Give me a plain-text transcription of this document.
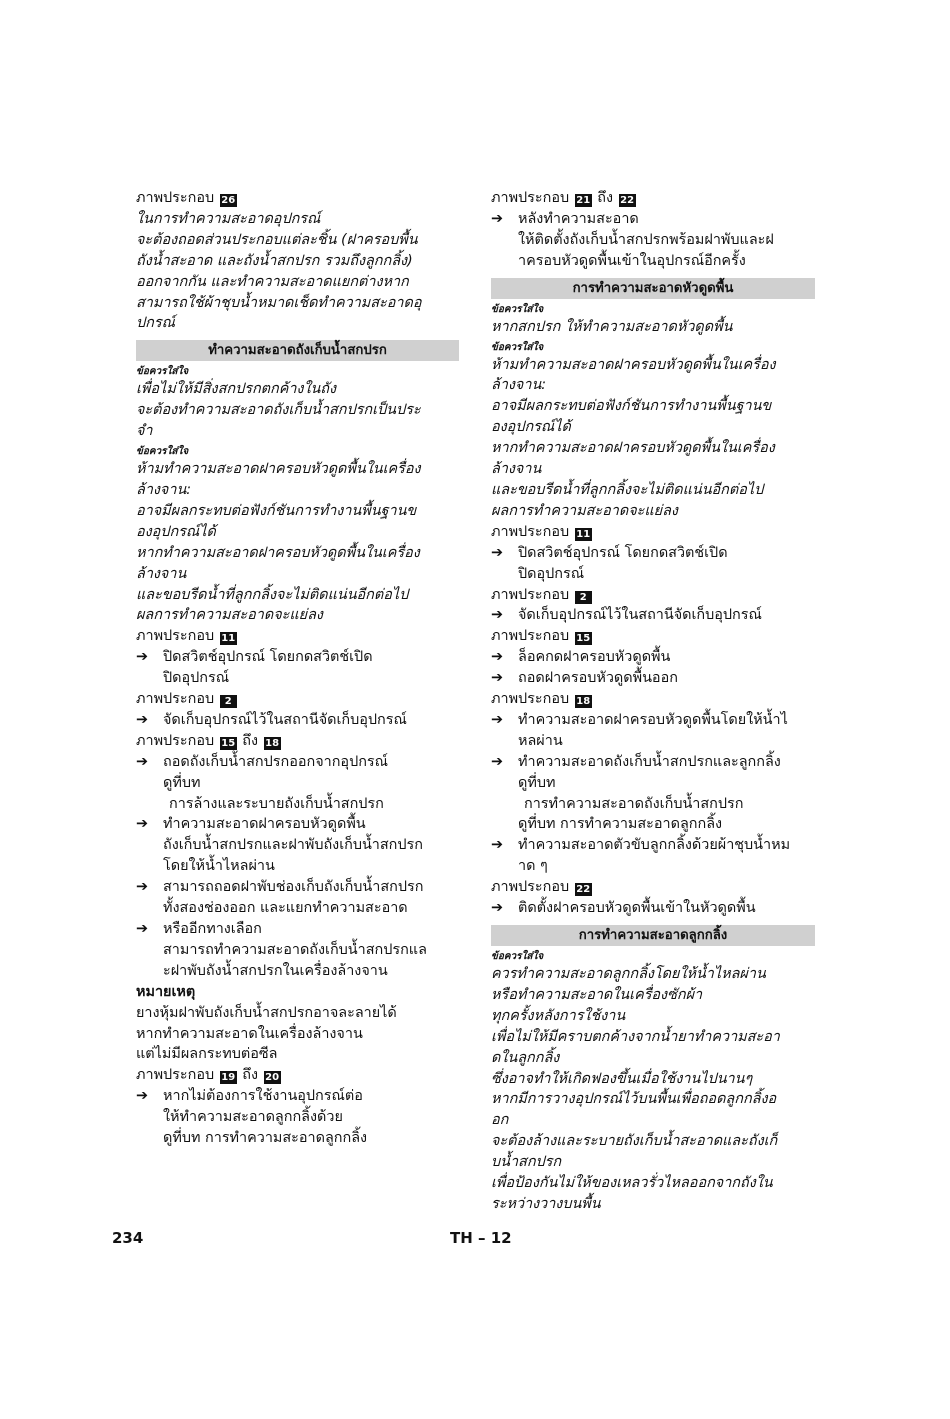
ภาพประกอบ 26
ในการทำความสะอาดอุปกรณ์
จะต้องถอดส่วนประกอบแต่ละชิ้น (ฝาครอบพื้น
ถังน้ำสะอาด และถังน้ำสกปรก รวมถึงลูกกลิ้ง)
ออกจากกัน และทำความสะอาดแยกต่างหาก
สามารถใช้ผ้าชุบน้ำหมาดเช็ดทำความสะอาดอุ
ปกรณ์
ทำความสะอาดถังเก็บน้ำสกปรก
ข้อควรใส่ใจ
เพื่อไม่ให้มีสิ่งสกปรกตกค้างในถัง
จะต้องทำความสะอาดถังเก็บน้ำสกปรกเป็นประ
จำ
ข้อควรใส่ใจ
ห้ามทำความสะอาดฝาครอบหัวดูดพื้นในเครื่อง
ล้างจาน:
อาจมีผลกระทบต่อฟังก์ชันการทำงานพื้นฐานข
องอุปกรณ์ได้
หากทำความสะอาดฝาครอบหัวดูดพื้นในเครื่อง
ล้างจาน
และขอบรีดน้ำที่ลูกกลิ้งจะไม่ติดแน่นอีกต่อไป
ผลการทำความสะอาดจะแย่ลง
ภาพประกอบ 11
➔ ปิดสวิตช์อุปกรณ์ โดยกดสวิตช์เปิด
ปิดอุปกรณ์
ภาพประกอบ 2
➔ จัดเก็บอุปกรณ์ไว้ในสถานีจัดเก็บอุปกรณ์
ภาพประกอบ 15 ถึง 18
➔ ถอดถังเก็บน้ำสกปรกออกจากอุปกรณ์
ดูที่บท
การล้างและระบายถังเก็บน้ำสกปรก
➔ ทำความสะอาดฝาครอบหัวดูดพื้น
ถังเก็บน้ำสกปรกและฝาพับถังเก็บน้ำสกปรก
โดยให้น้ำไหลผ่าน
➔ สามารถถอดฝาพับช่องเก็บถังเก็บน้ำสกปรก
ทั้งสองช่องออก และแยกทำความสะอาด
➔ หรืออีกทางเลือก
สามารถทำความสะอาดถังเก็บน้ำสกปรกแล
ะฝาพับถังน้ำสกปรกในเครื่องล้างจาน
หมายเหตุ
ยางหุ้มฝาพับถังเก็บน้ำสกปรกอาจละลายได้
หากทำความสะอาดในเครื่องล้างจาน
แต่ไม่มีผลกระทบต่อซีล
ภาพประกอบ 19 ถึง 20
➔ หากไม่ต้องการใช้งานอุปกรณ์ต่อ
ให้ทำความสะอาดลูกกลิ้งด้วย
ดูที่บท การทำความสะอาดลูกกลิ้ง
ภาพประกอบ 21 ถึง 22
➔ หลังทำความสะอาด
ให้ติดตั้งถังเก็บน้ำสกปรกพร้อมฝาพับและฝ
าครอบหัวดูดพื้นเข้าในอุปกรณ์อีกครั้ง
การทำความสะอาดหัวดูดพื้น
ข้อควรใส่ใจ
หากสกปรก ให้ทำความสะอาดหัวดูดพื้น
ข้อควรใส่ใจ
ห้ามทำความสะอาดฝาครอบหัวดูดพื้นในเครื่อง
ล้างจาน:
อาจมีผลกระทบต่อฟังก์ชันการทำงานพื้นฐานข
องอุปกรณ์ได้
หากทำความสะอาดฝาครอบหัวดูดพื้นในเครื่อง
ล้างจาน
และขอบรีดน้ำที่ลูกกลิ้งจะไม่ติดแน่นอีกต่อไป
ผลการทำความสะอาดจะแย่ลง
ภาพประกอบ 11
➔ ปิดสวิตช์อุปกรณ์ โดยกดสวิตช์เปิด
ปิดอุปกรณ์
ภาพประกอบ 2
➔ จัดเก็บอุปกรณ์ไว้ในสถานีจัดเก็บอุปกรณ์
ภาพประกอบ 15
➔ ล็อคกดฝาครอบหัวดูดพื้น
➔ ถอดฝาครอบหัวดูดพื้นออก
ภาพประกอบ 18
➔ ทำความสะอาดฝาครอบหัวดูดพื้นโดยให้น้ำไ
หลผ่าน
➔ ทำความสะอาดถังเก็บน้ำสกปรกและลูกกลิ้ง
ดูที่บท
การทำความสะอาดถังเก็บน้ำสกปรก
ดูที่บท การทำความสะอาดลูกกลิ้ง
➔ ทำความสะอาดตัวขับลูกกลิ้งด้วยผ้าชุบน้ำหม
าด ๆ
ภาพประกอบ 22
➔ ติดตั้งฝาครอบหัวดูดพื้นเข้าในหัวดูดพื้น
การทำความสะอาดลูกกลิ้ง
ข้อควรใส่ใจ
ควรทำความสะอาดลูกกลิ้งโดยให้น้ำไหลผ่าน
หรือทำความสะอาดในเครื่องซักผ้า
ทุกครั้งหลังการใช้งาน
เพื่อไม่ให้มีคราบตกค้างจากน้ำยาทำความสะอา
ดในลูกกลิ้ง
ซึ่งอาจทำให้เกิดฟองขึ้นเมื่อใช้งานไปนานๆ
หากมีการวางอุปกรณ์ไว้บนพื้นเพื่อถอดลูกกลิ้งอ
อก
จะต้องล้างและระบายถังเก็บน้ำสะอาดและถังเก็
บน้ำสกปรก
เพื่อป้องกันไม่ให้ของเหลวรั่วไหลออกจากถังใน
ระหว่างวางบนพื้น
234	TH – 12
